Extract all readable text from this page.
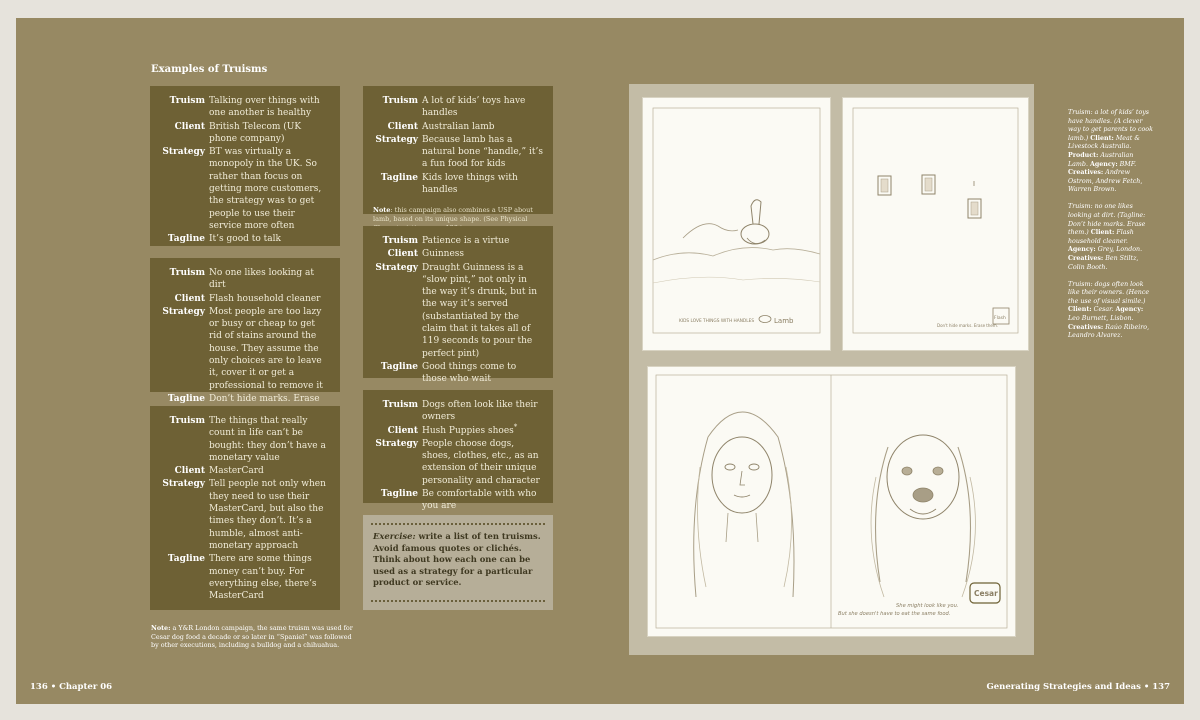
Examples of Truisms
Truism Talking over things with one another is healthy
Client British Telecom (UK phone company)
Strategy BT was virtually a monopoly in the UK. So rather than focus on getting more customers, the strategy was to get people to use their service more often
Tagline It’s good to talk
Truism No one likes looking at dirt
Client Flash household cleaner
Strategy Most people are too lazy or busy or cheap to get rid of stains around the house. They assume the only choices are to leave it, cover it or get a professional to remove it
Tagline Don’t hide marks. Erase
Truism The things that really count in life can’t be bought: they don’t have a monetary value
Client MasterCard
Strategy Tell people not only when they need to use their MasterCard, but also the times they don’t. It’s a humble, almost anti-monetary approach
Tagline There are some things money can’t buy. For everything else, there’s MasterCard
Truism A lot of kids’ toys have handles
Client Australian lamb
Strategy Because lamb has a natural bone “handle,” it’s a fun food for kids
Tagline Kids love things with handles
Note: this campaign also combines a USP about lamb, based on its unique shape. (See Physical
Truism Patience is a virtue
Client Guinness
Strategy Draught Guinness is a “slow pint,” not only in the way it’s drunk, but in the way it’s served (substantiated by the claim that it takes all of 119 seconds to pour the perfect pint)
Tagline Good things come to those who wait
Truism Dogs often look like their owners
Client Hush Puppies shoes*
Strategy People choose dogs, shoes, clothes, etc., as an extension of their unique personality and character
Tagline Be comfortable with who you are
Exercise: write a list of ten truisms. Avoid famous quotes or clichés. Think about how each one can be used as a strategy for a particular product or service.
Note: a Y&R London campaign, the same truism was used for Cesar dog food a decade or so later in “Spaniel” was followed by other executions, including a bulldog and a chihuahua.
136 • Chapter 06
KIDS LOVE THINGS WITH HANDLES	Lamb
Don't hide marks. Erase them.
Flash
Cesar
She might look like you.
But she doesn't have to eat the same food.

Truism: a lot of kids’ toys have handles. (A clever way to get parents to cook lamb.) Client: Meat & Livestock Australia. Product: Australian Lamb. Agency: BMF. Creatives: Andrew Ostrom, Andrew Fetch, Warren Brown.

Truism: no one likes looking at dirt. (Tagline: Don’t hide marks. Erase them.) Client: Flash household cleaner. Agency: Grey, London. Creatives: Ben Stiltz, Colin Booth.

Truism: dogs often look like their owners. (Hence the use of visual simile.) Client: Cesar. Agency: Leo Burnett, Lisbon. Creatives: Raúo Ribeiro, Leandro Alvarez.

Generating Strategies and Ideas • 137
